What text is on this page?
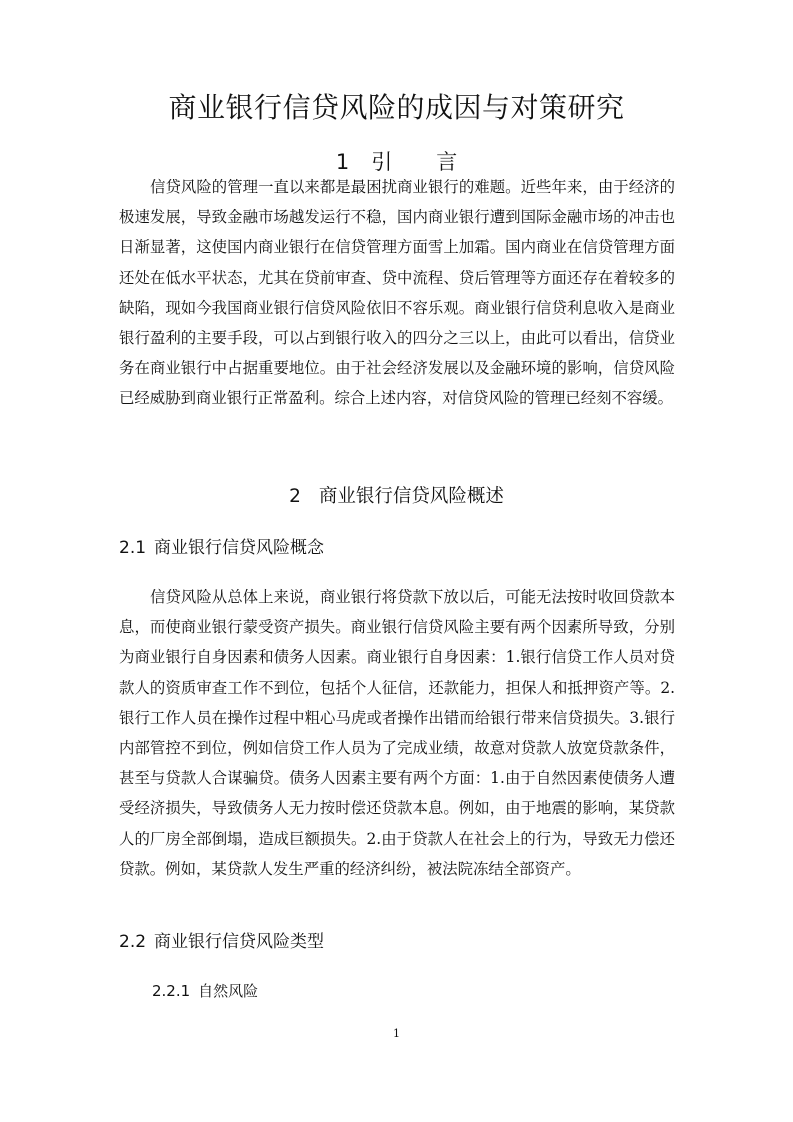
商业银行信贷风险的成因与对策研究
1 引 言

信贷风险的管理一直以来都是最困扰商业银行的难题。近些年来，由于经济的极速发展，导致金融市场越发运行不稳，国内商业银行遭到国际金融市场的冲击也日渐显著，这使国内商业银行在信贷管理方面雪上加霜。国内商业在信贷管理方面还处在低水平状态，尤其在贷前审查、贷中流程、贷后管理等方面还存在着较多的缺陷，现如今我国商业银行信贷风险依旧不容乐观。商业银行信贷利息收入是商业银行盈利的主要手段，可以占到银行收入的四分之三以上，由此可以看出，信贷业务在商业银行中占据重要地位。由于社会经济发展以及金融环境的影响，信贷风险已经威胁到商业银行正常盈利。综合上述内容，对信贷风险的管理已经刻不容缓。

2 商业银行信贷风险概述
2.1 商业银行信贷风险概念

信贷风险从总体上来说，商业银行将贷款下放以后，可能无法按时收回贷款本息，而使商业银行蒙受资产损失。商业银行信贷风险主要有两个因素所导致，分别为商业银行自身因素和债务人因素。商业银行自身因素：1.银行信贷工作人员对贷款人的资质审查工作不到位，包括个人征信，还款能力，担保人和抵押资产等。2.银行工作人员在操作过程中粗心马虎或者操作出错而给银行带来信贷损失。3.银行内部管控不到位，例如信贷工作人员为了完成业绩，故意对贷款人放宽贷款条件，甚至与贷款人合谋骗贷。债务人因素主要有两个方面：1.由于自然因素使债务人遭受经济损失，导致债务人无力按时偿还贷款本息。例如，由于地震的影响，某贷款人的厂房全部倒塌，造成巨额损失。2.由于贷款人在社会上的行为，导致无力偿还贷款。例如，某贷款人发生严重的经济纠纷，被法院冻结全部资产。

2.2 商业银行信贷风险类型
2.2.1 自然风险
1
